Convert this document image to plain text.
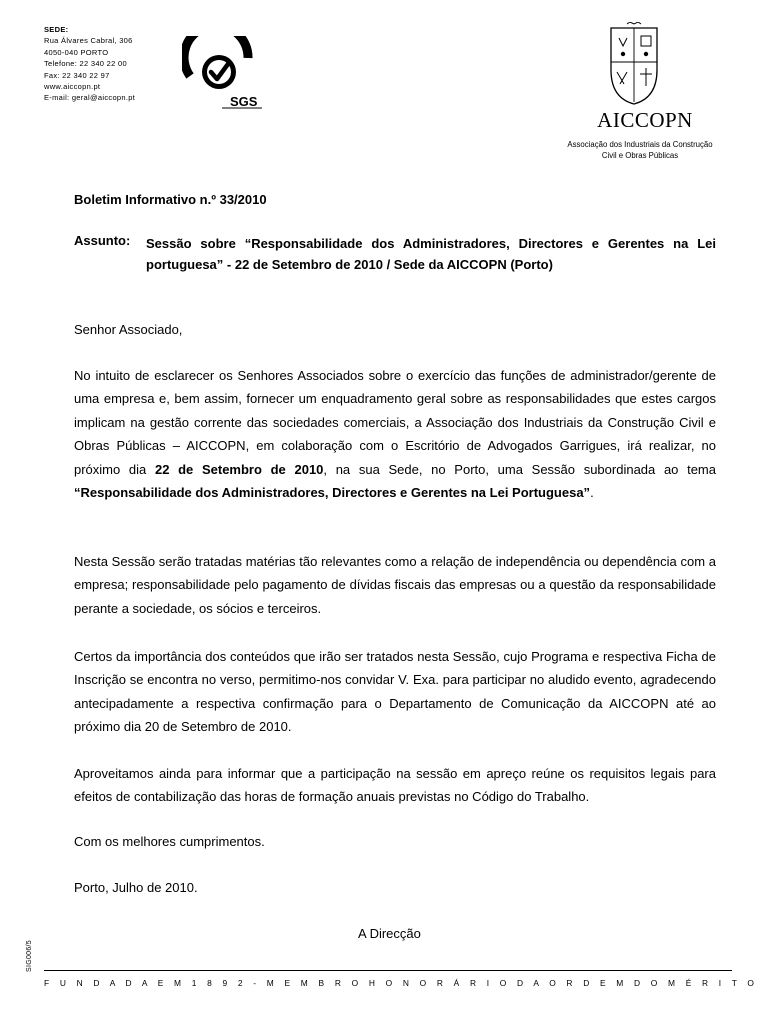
SEDE:
Rua Álvares Cabral, 306
4050-040 PORTO
Telefone: 22 340 22 00
Fax: 22 340 22 97
www.aiccopn.pt
E-mail: geral@aiccopn.pt	SGS
AICCOPN
Associação dos Industriais da Construção
Civil e Obras Públicas
Boletim Informativo n.º 33/2010
Assunto: Sessão sobre “Responsabilidade dos Administradores, Directores e Gerentes na Lei portuguesa” - 22 de Setembro de 2010 / Sede da AICCOPN (Porto)
Senhor Associado,
No intuito de esclarecer os Senhores Associados sobre o exercício das funções de administrador/gerente de uma empresa e, bem assim, fornecer um enquadramento geral sobre as responsabilidades que estes cargos implicam na gestão corrente das sociedades comerciais, a Associação dos Industriais da Construção Civil e Obras Públicas – AICCOPN, em colaboração com o Escritório de Advogados Garrigues, irá realizar, no próximo dia 22 de Setembro de 2010, na sua Sede, no Porto, uma Sessão subordinada ao tema “Responsabilidade dos Administradores, Directores e Gerentes na Lei Portuguesa”.
Nesta Sessão serão tratadas matérias tão relevantes como a relação de independência ou dependência com a empresa; responsabilidade pelo pagamento de dívidas fiscais das empresas ou a questão da responsabilidade perante a sociedade, os sócios e terceiros.
Certos da importância dos conteúdos que irão ser tratados nesta Sessão, cujo Programa e respectiva Ficha de Inscrição se encontra no verso, permitimo-nos convidar V. Exa. para participar no aludido evento, agradecendo antecipadamente a respectiva confirmação para o Departamento de Comunicação da AICCOPN até ao próximo dia 20 de Setembro de 2010.
Aproveitamos ainda para informar que a participação na sessão em apreço reúne os requisitos legais para efeitos de contabilização das horas de formação anuais previstas no Código do Trabalho.
Com os melhores cumprimentos.
Porto, Julho de 2010.
A Direcção
SIG006/5
F U N D A D A E M 1 8 9 2 - M E M B R O H O N O R Á R I O D A O R D E M D O M É R I T O
